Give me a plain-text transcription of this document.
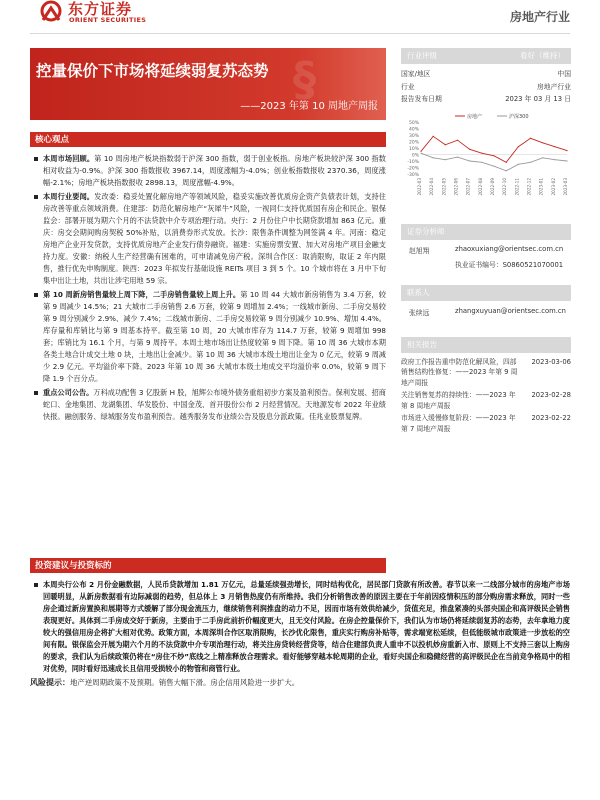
东方证券
ORIENT SECURITIES	房地产行业
§
控量保价下市场将延续弱复苏态势
——2023 年第 10 周地产周报
行业评级	看好（维持）
国家/地区	中国
行业	房地产行业
报告发布日期	2023 年 03 月 13 日
50%
40%
30%
20%
10%
0%
-10%
-20%
-30%
2022-03 2022-04 2022-05 2022-06 2022-07 2022-08 2022-09 2022-10 2022-11 2022-12 2023-01 2023-02 2023-03
房地产	沪深300
证券分析师
赵旭翔	zhaoxuxiang@orientsec.com.cn
执业证书编号：S0860521070001
联系人
张续远	zhangxuyuan@orientsec.com.cn
相关报告
政府工作报告重申防范化解风险，四部销售结构性修复：——2023 年第 9 周地产周报
2023-03-06
关注销售复苏的持续性：——2023 年第 8 周地产周报
2023-02-28
市场进入缓慢修复阶段：——2023 年第 7 周地产周报
2023-02-22
核心观点
本周市场回顾。第 10 周房地产板块指数弱于沪深 300 指数，弱于创业板指。房地产板块较沪深 300 指数相对收益为-0.9%。沪深 300 指数报收 3967.14，周度涨幅为-4.0%；创业板指数报收 2370.36，周度涨幅-2.1%；房地产板块指数报收 2898.13，周度涨幅-4.9%。
本周行业要闻。发改委：稳妥处置化解房地产等领域风险，稳妥实施改善优质房企资产负债表计划，支持住房改善等重点领域消费。住建部：防范化解房地产“灰犀牛”风险，一视同仁支持优质国有房企和民企。银保监会：部署开展为期六个月的不法贷款中介专项治理行动。央行：2 月份住户中长期贷款增加 863 亿元。重庆：房交会期间购房契税 50%补贴，以消费券形式发放。长沙：限售条件调整为网签满 4 年。河南：稳定房地产企业开发贷款，支持优质房地产企业发行债券融资。福建：实施房票安置、加大对房地产项目金融支持力度。安徽：纳税人生产经营确有困难的，可申请减免房产税。深圳合作区：取消限购，取证 2 年内限售，推行优先申购制度。陕西：2023 年拟发行基础设施 REITs 项目 3 到 5 个。10 个城市将在 3 月中下旬集中出让土地，共出让涉宅用地 59 宗。
第 10 周新房销售量较上周下降，二手房销售量较上周上升。第 10 周 44 大城市新房销售为 3.4 万套，较第 9 周减少 14.5%；21 大城市二手房销售 2.6 万套，较第 9 周增加 2.4%；一线城市新房、二手房交易较第 9 周分别减少 2.9%、减少 7.4%；二线城市新房、二手房交易较第 9 周分别减少 10.9%、增加 4.4%。库存量和库销比与第 9 周基本持平。截至第 10 周，20 大城市库存为 114.7 万套，较第 9 周增加 998 套；库销比为 16.1 个月，与第 9 周持平。本周土地市场出让热度较第 9 周下降。第 10 周 36 大城市本期各类土地合计成交土地 0 块，土地出让金减少。第 10 周 36 大城市本级土地出让金为 0 亿元，较第 9 周减少 2.9 亿元。平均溢价率下降。2023 年第 10 周 36 大城市本级土地成交平均溢价率 0.0%，较第 9 周下降 1.9 个百分点。
重点公司公告。万科成功配售 3 亿股新 H 股，旭辉公布境外债务重组初步方案及盈利预告。保利发展、招商蛇口、金地集团、龙湖集团、华发股份、中国金茂、首开股份公布 2 月经营情况。天地源发布 2022 年业绩快报。融创服务、绿城服务发布盈利预告。越秀服务发布业绩公告及股息分派政策。佳兆业股票复牌。
投资建议与投资标的
本周央行公布 2 月份金融数据，人民币贷款增加 1.81 万亿元，总量延续强劲增长，同时结构优化，居民部门贷款有所改善。春节以来一二线部分城市的房地产市场回暖明显，从新房数据看有边际减弱的趋势，但总体上 3 月销售热度仍有所维持。我们分析销售改善的原因主要在于年前因疫情积压的部分购房需求释放，同时一些房企通过新房置换和展期等方式缓解了部分现金流压力，继续销售利润推盘的动力不足，因而市场有效供给减少，货值充足，推盘紧凑的头部央国企和高评级民企销售表现更好。具体到二手房成交好于新房，主要由于二手房此前折价幅度更大，且无交付风险。在房企控量保价下，我们认为市场仍将延续弱复苏的态势，去年拿地力度较大的强信用房企将扩大相对优势。政策方面，本周深圳合作区取消限购，长沙优化限售，重庆实行购房补贴等，需求端宽松延续，但低能级城市政策进一步放松的空间有限。银保监会开展为期六个月的不法贷款中介专项治理行动，将关注房贷转经营贷等，结合住建部负责人重申不以投机炒房重新入市、原则上不支持三套以上购房的要求，我们认为后续政策仍将在“房住不炒”底线之上精准释放合理需求。看好能够穿越本轮周期的企业，看好央国企和稳健经营的高评级民企在当前竞争格局中的相对优势，同时看好迅速成长且信用受损较小的物管和商管行业。
风险提示：地产逆周期政策不及预期。销售大幅下滑。房企信用风险进一步扩大。
